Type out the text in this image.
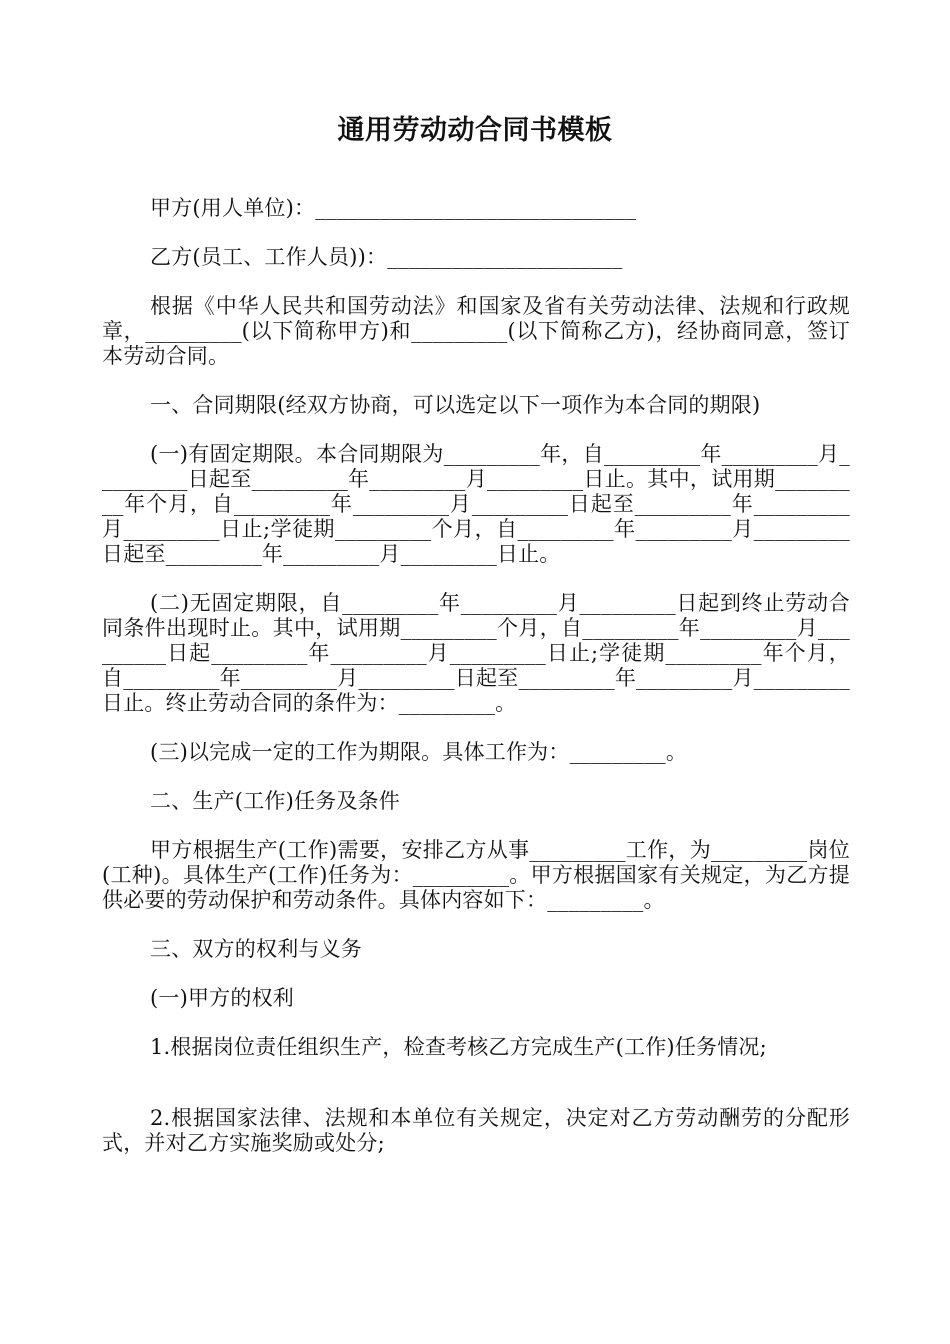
通用劳动动合同书模板

甲方(用人单位)：______________________________

乙方(员工、工作人员))：______________________

根据《中华人民共和国劳动法》和国家及省有关劳动法律、法规和行政规章，_________(以下简称甲方)和_________(以下简称乙方)，经协商同意，签订本劳动合同。

一、合同期限(经双方协商，可以选定以下一项作为本合同的期限)

(一)有固定期限。本合同期限为_________年，自_________年_________月_________日起至_________年_________月_________日止。其中，试用期_________年个月，自_________年_________月_________日起至_________年_________月_________日止;学徒期_________个月，自_________年_________月_________日起至_________年_________月_________日止。

(二)无固定期限，自_________年_________月_________日起到终止劳动合同条件出现时止。其中，试用期_________个月，自_________年_________月_________日起_________年_________月_________日止;学徒期_________年个月，自_________年_________月_________日起至_________年_________月_________日止。终止劳动合同的条件为：_________。

(三)以完成一定的工作为期限。具体工作为：_________。

二、生产(工作)任务及条件

甲方根据生产(工作)需要，安排乙方从事_________工作，为_________岗位(工种)。具体生产(工作)任务为：_________。甲方根据国家有关规定，为乙方提供必要的劳动保护和劳动条件。具体内容如下：_________。

三、双方的权利与义务

(一)甲方的权利

1.根据岗位责任组织生产，检查考核乙方完成生产(工作)任务情况;

2.根据国家法律、法规和本单位有关规定，决定对乙方劳动酬劳的分配形式，并对乙方实施奖励或处分;
